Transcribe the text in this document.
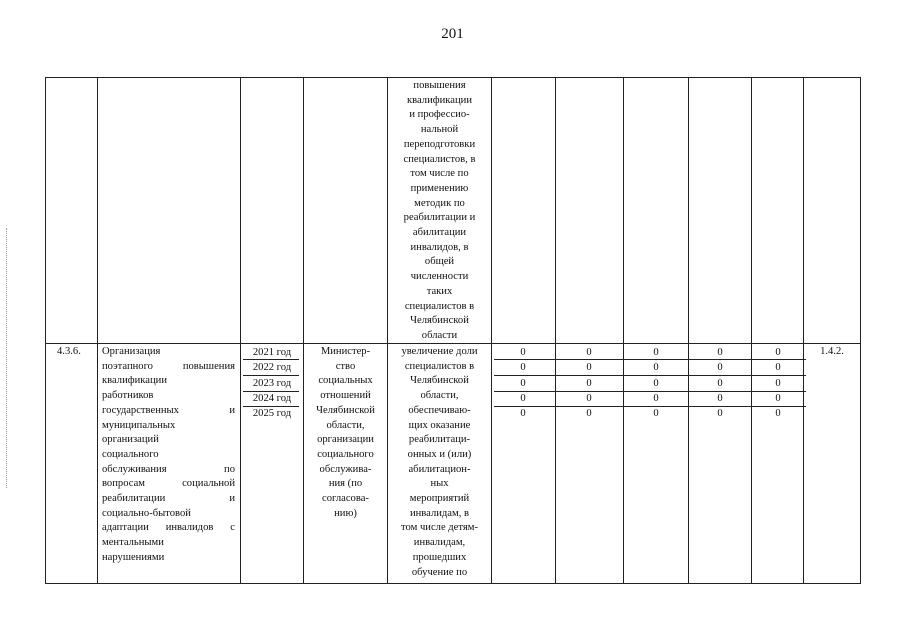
201
повышения
квалификации
и профессио-
нальной
переподготовки
специалистов, в
том числе по
применению
методик по
реабилитации и
абилитации
инвалидов, в
общей
численности
таких
специалистов в
Челябинской
области
4.3.6.	Организация
поэтапного повышения
квалификации
работников
государственных и
муниципальных
организаций
социального
обслуживания по
вопросам социальной
реабилитации и
социально-бытовой
адаптации инвалидов с
ментальными
нарушениями
2021 год
2022 год
2023 год
2024 год
2025 год
Министер-
ство
социальных
отношений
Челябинской
области,
организации
социального
обслужива-
ния (по
согласова-
нию)
увеличение доли
специалистов в
Челябинской
области,
обеспечиваю-
щих оказание
реабилитаци-
онных и (или)
абилитацион-
ных
мероприятий
инвалидам, в
том числе детям-
инвалидам,
прошедших
обучение по
0
0
0
0
0
0
0
0
0
0
0
0
0
0
0
0
0
0
0
0
0
0
0
0
0
1.4.2.
